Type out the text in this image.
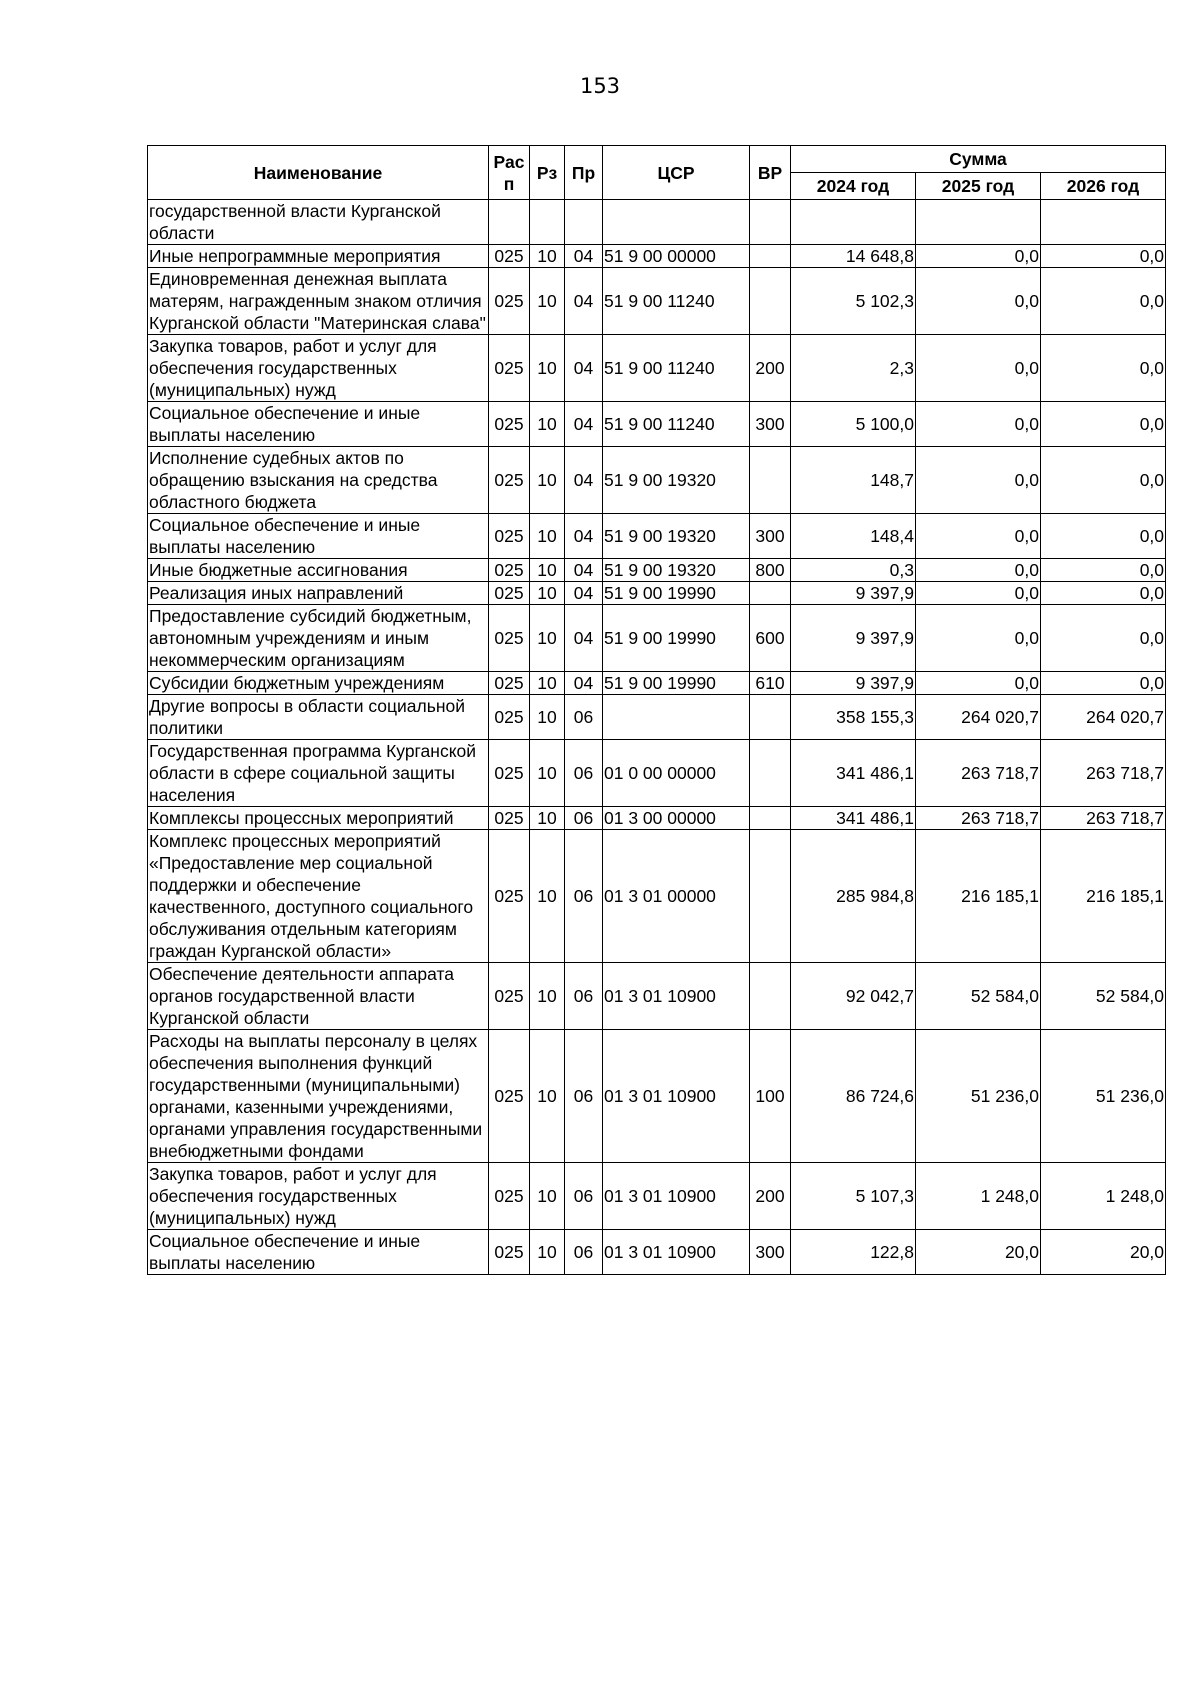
153
Наименование	Рас п	Рз	Пр	ЦСР	ВР	Сумма		
						2024 год	2025 год	2026 год
государственной власти Курганской области								
Иные непрограммные мероприятия	025	10	04	51 9 00 00000		14 648,8	0,0	0,0
Единовременная денежная выплата матерям, награжденным знаком отличия Курганской области "Материнская слава"	025	10	04	51 9 00 11240		5 102,3	0,0	0,0
Закупка товаров, работ и услуг для обеспечения государственных (муниципальных) нужд	025	10	04	51 9 00 11240	200	2,3	0,0	0,0
Социальное обеспечение и иные выплаты населению	025	10	04	51 9 00 11240	300	5 100,0	0,0	0,0
Исполнение судебных актов по обращению взыскания на средства областного бюджета	025	10	04	51 9 00 19320		148,7	0,0	0,0
Социальное обеспечение и иные выплаты населению	025	10	04	51 9 00 19320	300	148,4	0,0	0,0
Иные бюджетные ассигнования	025	10	04	51 9 00 19320	800	0,3	0,0	0,0
Реализация иных направлений	025	10	04	51 9 00 19990		9 397,9	0,0	0,0
Предоставление субсидий бюджетным, автономным учреждениям и иным некоммерческим организациям	025	10	04	51 9 00 19990	600	9 397,9	0,0	0,0
Субсидии бюджетным учреждениям	025	10	04	51 9 00 19990	610	9 397,9	0,0	0,0
Другие вопросы в области социальной политики	025	10	06			358 155,3	264 020,7	264 020,7
Государственная программа Курганской области в сфере социальной защиты населения	025	10	06	01 0 00 00000		341 486,1	263 718,7	263 718,7
Комплексы процессных мероприятий	025	10	06	01 3 00 00000		341 486,1	263 718,7	263 718,7
Комплекс процессных мероприятий «Предоставление мер социальной поддержки и обеспечение качественного, доступного социального обслуживания отдельным категориям граждан Курганской области»	025	10	06	01 3 01 00000		285 984,8	216 185,1	216 185,1
Обеспечение деятельности аппарата органов государственной власти Курганской области	025	10	06	01 3 01 10900		92 042,7	52 584,0	52 584,0
Расходы на выплаты персоналу в целях обеспечения выполнения функций государственными (муниципальными) органами, казенными учреждениями, органами управления государственными внебюджетными фондами	025	10	06	01 3 01 10900	100	86 724,6	51 236,0	51 236,0
Закупка товаров, работ и услуг для обеспечения государственных (муниципальных) нужд	025	10	06	01 3 01 10900	200	5 107,3	1 248,0	1 248,0
Социальное обеспечение и иные выплаты населению	025	10	06	01 3 01 10900	300	122,8	20,0	20,0
